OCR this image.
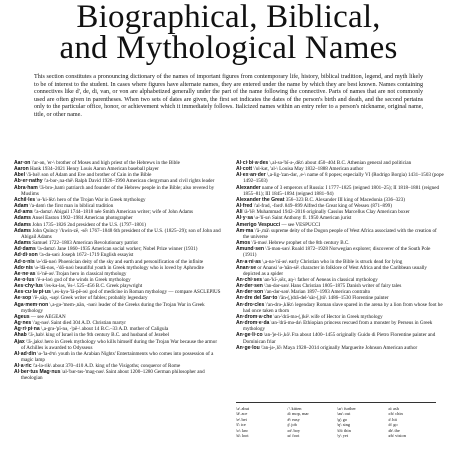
Biographical, Biblical,
and Mythological Names

This section constitutes a pronouncing dictionary of the names of important figures from contemporary life, history, biblical tradition, legend, and myth likely to be of interest to the student. In cases where figures have alternate names, they are entered under the name by which they are best known. Names containing connectives like d', de, di, van, or von are alphabetized generally under the part of the name following the connective. Parts of names that are not commonly used are often given in parentheses. When two sets of dates are given, the first set indicates the dates of the person's birth and death, and the second pertains only to the particular office, honor, or achievement which it immediately follows. Italicized names within an entry refer to a person's nickname, original name, title, or other name.

Aar·on \'ar-ən, 'er-\ brother of Moses and high priest of the Hebrews in the Bible

Aaron Hank 1934–2021 Henry Louis Aaron American baseball player

Abel \'ā-bəl\ son of Adam and Eve and brother of Cain in the Bible

Ab·er·nathy \'a-bər-,na-thē\ Ralph David 1926–1990 American clergyman and civil rights leader

Abra·ham \'ā-brə-,ham\ patriarch and founder of the Hebrew people in the Bible; also revered by Muslims

Achil·les \ə-'ki-lēz\ hero of the Trojan War in Greek mythology

Adam \'a-dəm\ the first man in biblical tradition

Ad·ams \'a-dəmz\ Abigail 1744–1818 née Smith American writer; wife of John Adams

Adams Ansel Easton 1902–1984 American photographer

Adams John 1735–1826 2nd president of the U.S. (1797–1801)

Adams John Quincy \'kwin-zē, -sē\ 1767–1848 6th president of the U.S. (1825–29); son of John and Abigail Adams

Adams Samuel 1722–1803 American Revolutionary patriot

Ad·dams \'a-dəmz\ Jane 1860–1935 American social worker; Nobel Prize winner (1931)

Ad·di·son \'a-də-sən\ Joseph 1672–1719 English essayist

Ad·o·nis \ə-'dä-nəs\ Phoenician deity of the sky and earth and personification of the infinite

Ado·nis \ə-'dä-nəs, -'dō-nəs\ beautiful youth in Greek mythology who is loved by Aphrodite

Ae·ne·as \i-'nē-əs\ Trojan hero in classical mythology

Ae·o·lus \'ē-ə-ləs\ god of the winds in Greek mythology

Aes·chy·lus \'es-kə-ləs, 'ēs-\ 525–456 B.C. Greek playwright

Aes·cu·la·pi·us \,es-kyə-'lā-pē-əs\ god of medicine in Roman mythology — compare ASCLEPIUS

Ae·sop \'ē-,säp, -səp\ Greek writer of fables; probably legendary

Aga·mem·non \,a-gə-'mem-,nän, -nən\ leader of the Greeks during the Trojan War in Greek mythology

Ageus — see AEGEAN

Ag·nes \'ag-nəs\ Saint died 304 A.D. Christian martyr

Ag·ri·pi·na \,a-grə-'pī-nə, -'pē-\ about 14 B.C.–33 A.D. mother of Caligula

Ahab \'ā-,hab\ king of Israel in the 9th century B.C. and husband of Jezebel

Ajax \'ā-,jaks\ hero in Greek mythology who kills himself during the Trojan War because the armor of Achilles is awarded to Odysseus

Al·ad·din \ə-'la-dᵊn\ youth in the Arabian Nights' Entertainments who comes into possession of a magic lamp

Al·a·ric \'a-lə-rik\ about 370–410 A.D. king of the Visigoths; conqueror of Rome

Al·ber·tus Mag·nus \al-'bər-təs-'mag-nəs\ Saint about 1200–1280 German philosopher and theologian

Al·ci·bi·a·des \,al-sə-'bī-ə-,dēz\ about 450–404 B.C. Athenian general and politician

Al·cott \'ol-kət, 'al-\ Louisa May 1832–1888 American author

Al·ex·an·der \,a-lig-'zan-dər, ,e-\ name of 8 popes; especially VI (Rodrigo Borgia) 1431–1503 (pope 1492–1503)

Alexander name of 3 emperors of Russia: I 1777–1825 (reigned 1801–25); II 1818–1881 (reigned 1855–81); III 1845–1894 (reigned 1881–94)

Alexander the Great 356–323 B.C. Alexander III king of Macedonia (336–323)

Al·fred \'al-frəd, -fərd\ 849–899 Alfred the Great king of Wessex (871–899)

Ali \ä-'lē\ Muhammad 1942–2016 originally Cassius Marcellus Clay American boxer

Al·y·sa \ə-'lī-sə\ Saint Anthony fl. 1950 American jurist

Amerigo Vespucci — see VESPUCCI

Am·ma \'ä-,mä\ supreme deity of the Dogon people of West Africa associated with the creation of the universe

Amos \'ā-məs\ Hebrew prophet of the 8th century B.C.

Amund·sen \'ä-mən-sən\ Roald 1872–1928 Norwegian explorer; discoverer of the South Pole (1911)

An·a·ni·as \,a-nə-'nī-əs\ early Christian who in the Bible is struck dead for lying

Anan·se or Anansi \ə-'nän-sē\ character in folklore of West Africa and the Caribbean usually depicted as a spider

An·chi·ses \an-'kī-,sēz, aŋ-\ father of Aeneas in classical mythology

An·der·sen \'an-dər-sən\ Hans Christian 1805–1875 Danish writer of fairy tales

An·der·son \'an-dər-sən\ Marian 1897–1993 American contralto

An·dre del Sar·to \'än-(,)drā-del-'sär-(,)tō\ 1486–1530 Florentine painter

An·dro·cles \'an-drə-,klēz\ legendary Roman slave spared in the arena by a lion from whose foot he had once taken a thorn

An·drom·a·che \an-'drä-mə-(,)kē\ wife of Hector in Greek mythology

An·drom·e·da \an-'drä-mə-də\ Ethiopian princess rescued from a monster by Perseus in Greek mythology

An·ge·li·co \an-'je-li-,kō\ Fra about 1400–1455 originally Guido di Pietro Florentine painter and Dominican friar

An·ge·lou \'an-jə-,lō\ Maya 1928–2014 originally Marguerite Johnson American author

\ə\ abut	\ˈ\ kitten	\ər\ further	\a\ ash
\ā\ ace	\ä\ mop, mar	\au\ out	\ch\ chin
\e\ bet	\ē\ easy	\g\ go	\i\ hit
\ī\ ice	\j\ job	\ŋ\ sing	\ō\ go
\o\ law	\oi\ boy	\th\ thin	\th\ the
\ü\ loot	\u\ foot	\y\ yet	\zh\ vision
